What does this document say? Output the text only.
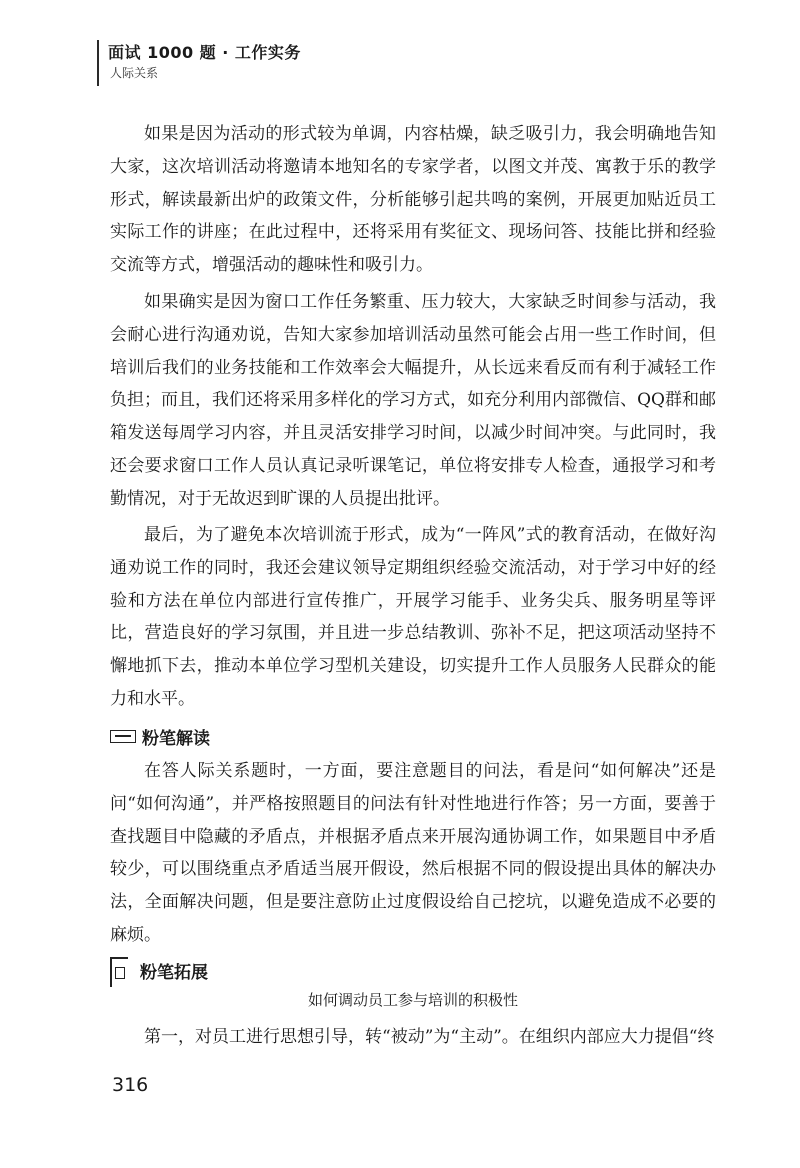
面试 1000 题 · 工作实务
人际关系

如果是因为活动的形式较为单调，内容枯燥，缺乏吸引力，我会明确地告知大家，这次培训活动将邀请本地知名的专家学者，以图文并茂、寓教于乐的教学形式，解读最新出炉的政策文件，分析能够引起共鸣的案例，开展更加贴近员工实际工作的讲座；在此过程中，还将采用有奖征文、现场问答、技能比拼和经验交流等方式，增强活动的趣味性和吸引力。

如果确实是因为窗口工作任务繁重、压力较大，大家缺乏时间参与活动，我会耐心进行沟通劝说，告知大家参加培训活动虽然可能会占用一些工作时间，但培训后我们的业务技能和工作效率会大幅提升，从长远来看反而有利于减轻工作负担；而且，我们还将采用多样化的学习方式，如充分利用内部微信、QQ群和邮箱发送每周学习内容，并且灵活安排学习时间，以减少时间冲突。与此同时，我还会要求窗口工作人员认真记录听课笔记，单位将安排专人检查，通报学习和考勤情况，对于无故迟到旷课的人员提出批评。

最后，为了避免本次培训流于形式，成为“一阵风”式的教育活动，在做好沟通劝说工作的同时，我还会建议领导定期组织经验交流活动，对于学习中好的经验和方法在单位内部进行宣传推广，开展学习能手、业务尖兵、服务明星等评比，营造良好的学习氛围，并且进一步总结教训、弥补不足，把这项活动坚持不懈地抓下去，推动本单位学习型机关建设，切实提升工作人员服务人民群众的能力和水平。

粉笔解读

在答人际关系题时，一方面，要注意题目的问法，看是问“如何解决”还是问“如何沟通”，并严格按照题目的问法有针对性地进行作答；另一方面，要善于查找题目中隐藏的矛盾点，并根据矛盾点来开展沟通协调工作，如果题目中矛盾较少，可以围绕重点矛盾适当展开假设，然后根据不同的假设提出具体的解决办法，全面解决问题，但是要注意防止过度假设给自己挖坑，以避免造成不必要的麻烦。

粉笔拓展
如何调动员工参与培训的积极性

第一，对员工进行思想引导，转“被动”为“主动”。在组织内部应大力提倡“终

316
